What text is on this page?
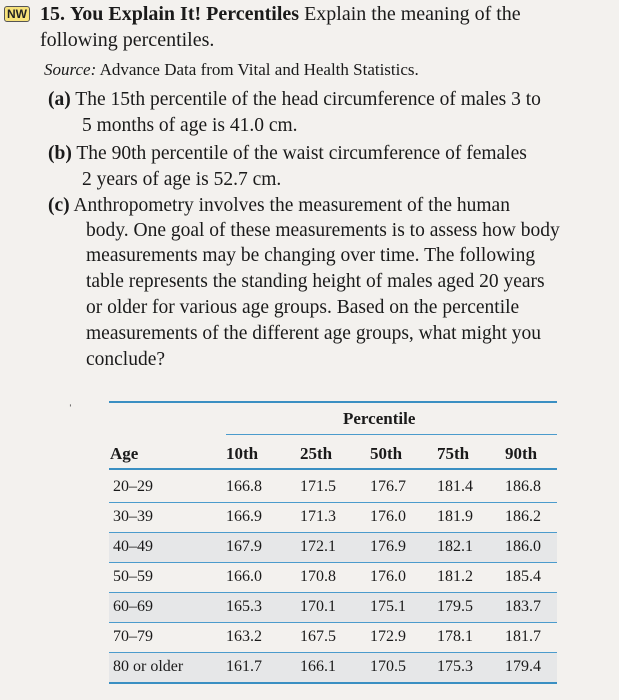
NW 15. You Explain It! Percentiles Explain the meaning of the
following percentiles.
Source: Advance Data from Vital and Health Statistics.
(a) The 15th percentile of the head circumference of males 3 to
5 months of age is 41.0 cm.
(b) The 90th percentile of the waist circumference of females
2 years of age is 52.7 cm.
(c) Anthropometry involves the measurement of the human
body. One goal of these measurements is to assess how body
measurements may be changing over time. The following
table represents the standing height of males aged 20 years
or older for various age groups. Based on the percentile
measurements of the different age groups, what might you
conclude?
ˈ	Percentile
Age	10th 25th 50th 75th 90th
20–29	166.8 171.5 176.7 181.4 186.8
30–39	166.9 171.3 176.0 181.9 186.2
40–49	167.9 172.1 176.9 182.1 186.0
50–59	166.0 170.8 176.0 181.2 185.4
60–69	165.3 170.1 175.1 179.5 183.7
70–79	163.2 167.5 172.9 178.1 181.7
80 or older	161.7 166.1 170.5 175.3 179.4
